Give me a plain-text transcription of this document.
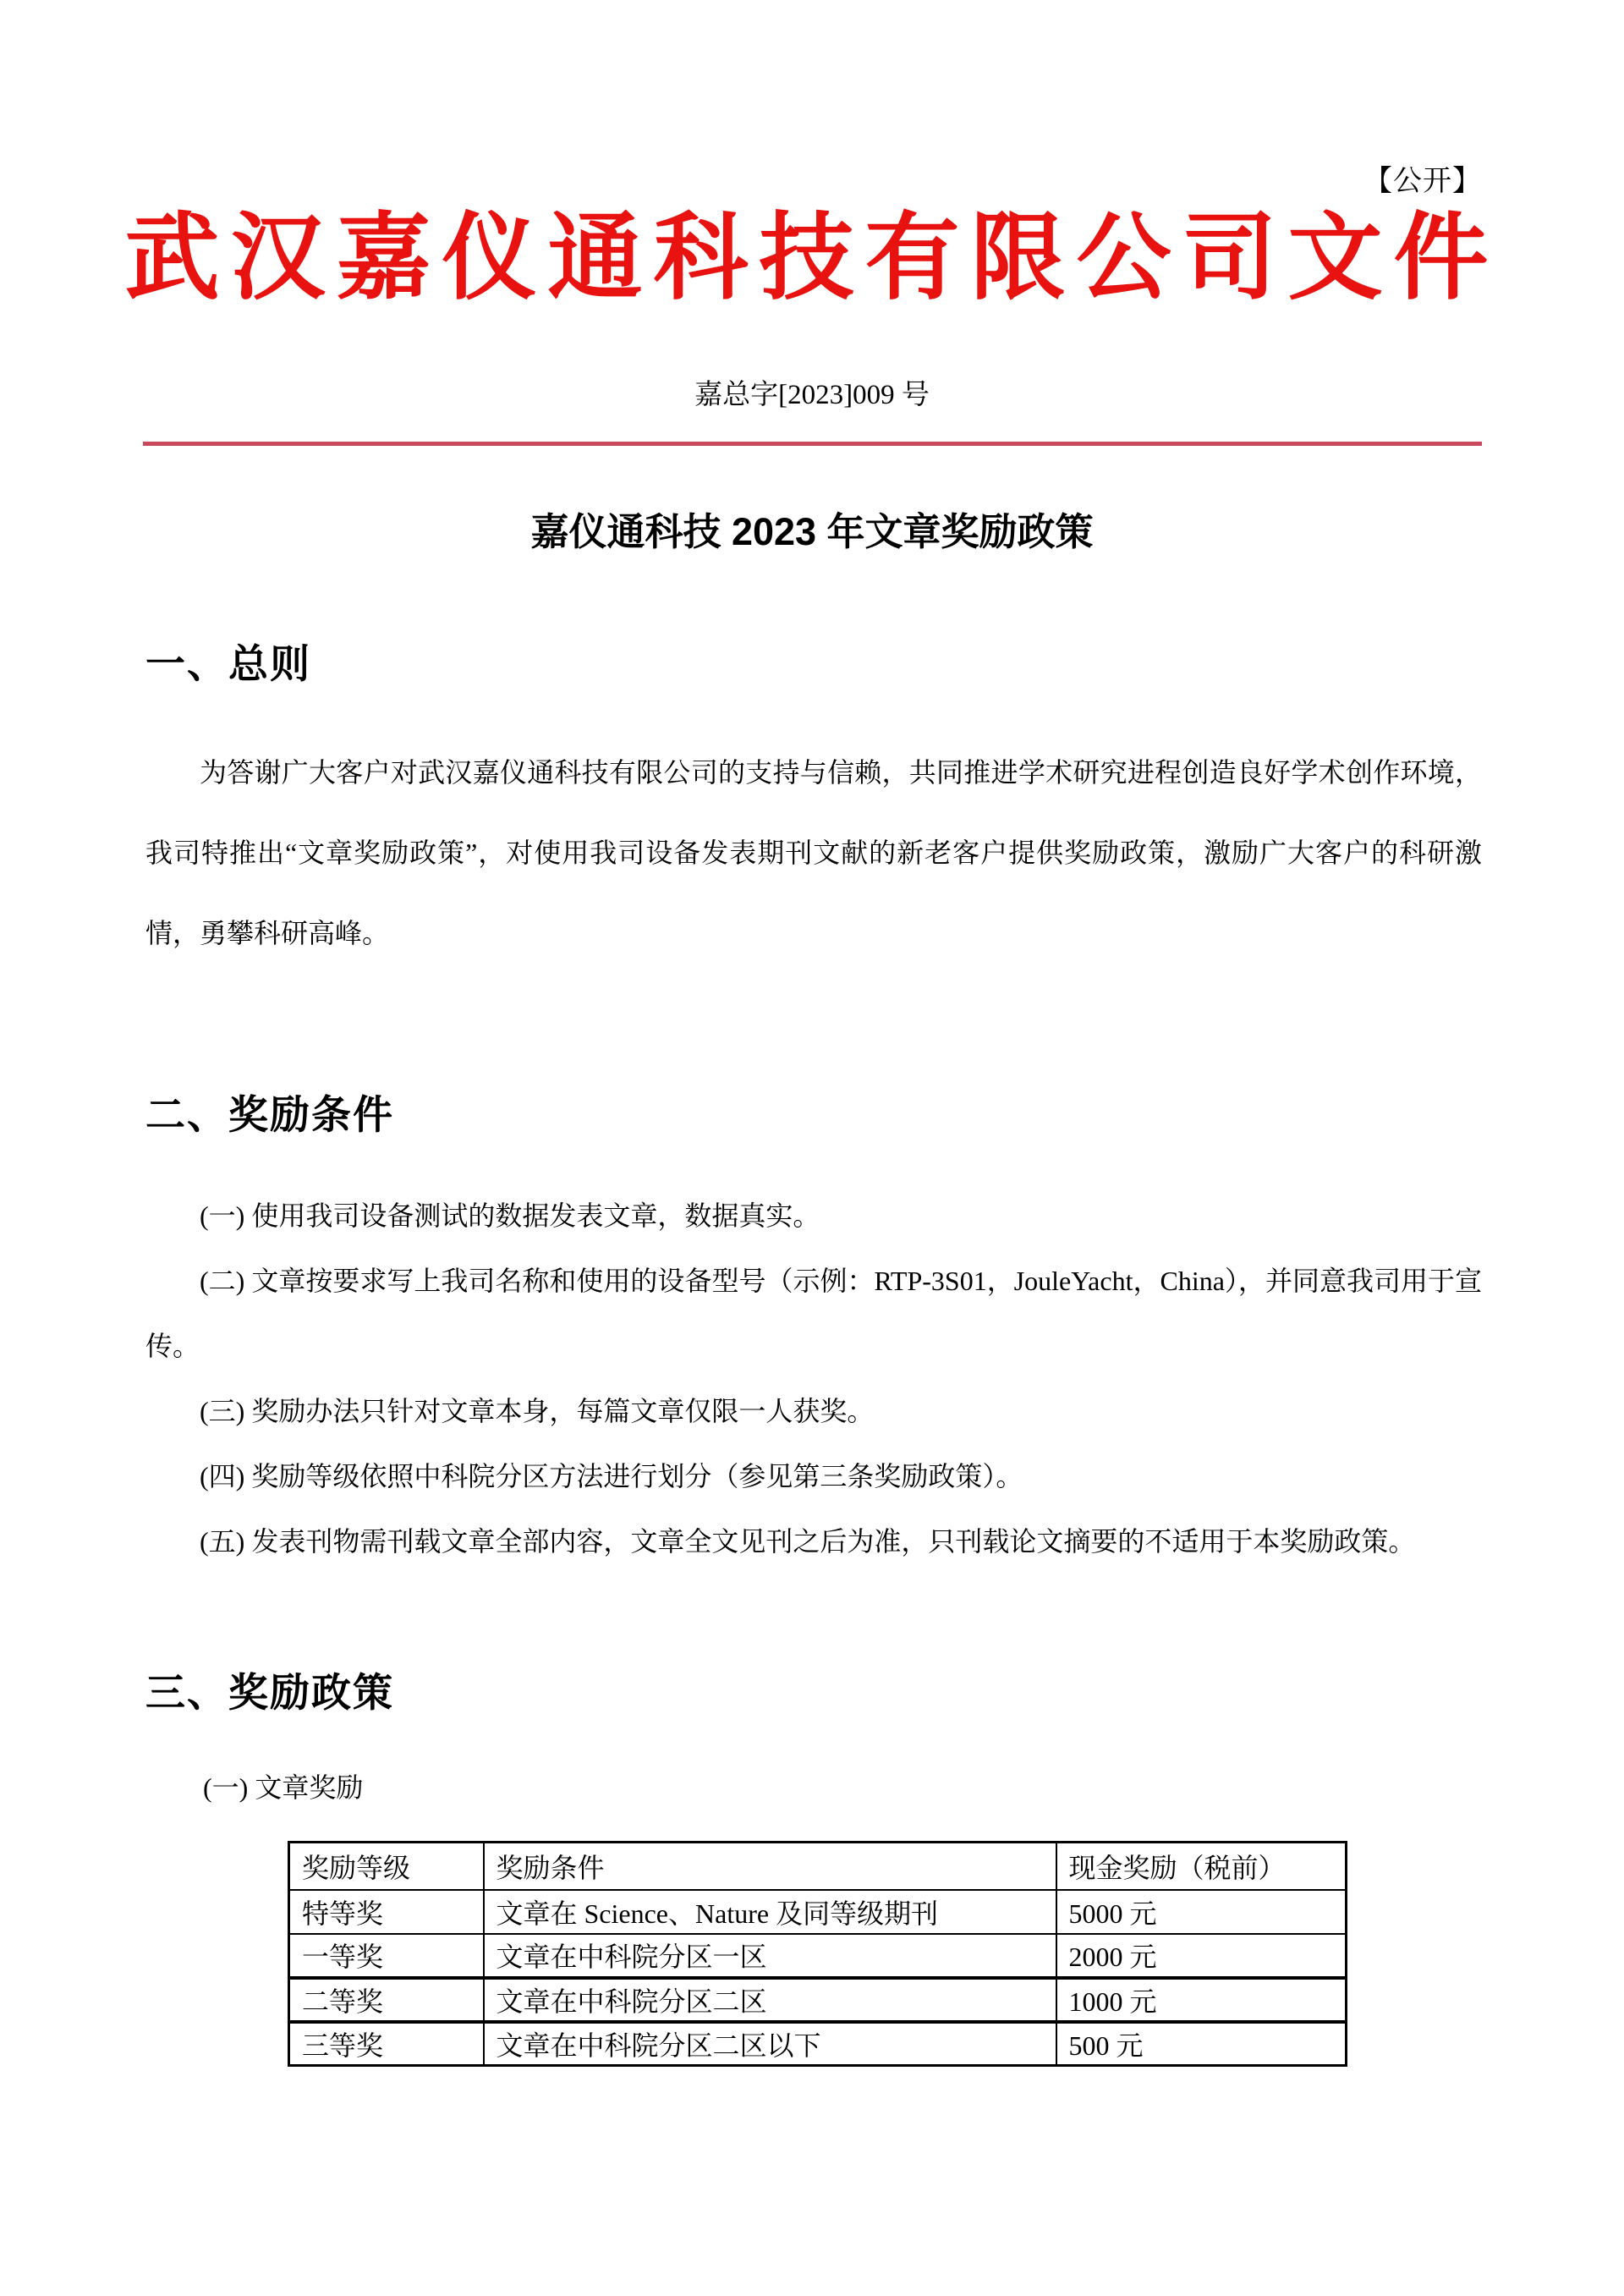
【公开】
武汉嘉仪通科技有限公司文件
嘉总字[2023]009 号
嘉仪通科技 2023 年文章奖励政策
一、总则

为答谢广大客户对武汉嘉仪通科技有限公司的支持与信赖，共同推进学术研究进程创造良好学术创作环境，我司特推出“文章奖励政策”，对使用我司设备发表期刊文献的新老客户提供奖励政策，激励广大客户的科研激情，勇攀科研高峰。

二、奖励条件

(一) 使用我司设备测试的数据发表文章，数据真实。

(二) 文章按要求写上我司名称和使用的设备型号（示例：RTP-3S01，JouleYacht，China），并同意我司用于宣传。

(三) 奖励办法只针对文章本身，每篇文章仅限一人获奖。

(四) 奖励等级依照中科院分区方法进行划分（参见第三条奖励政策）。

(五) 发表刊物需刊载文章全部内容，文章全文见刊之后为准，只刊载论文摘要的不适用于本奖励政策。

三、奖励政策
(一) 文章奖励
奖励等级	奖励条件	现金奖励（税前）
特等奖	文章在 Science、Nature 及同等级期刊	5000 元
一等奖	文章在中科院分区一区	2000 元
二等奖	文章在中科院分区二区	1000 元
三等奖	文章在中科院分区二区以下	500 元
